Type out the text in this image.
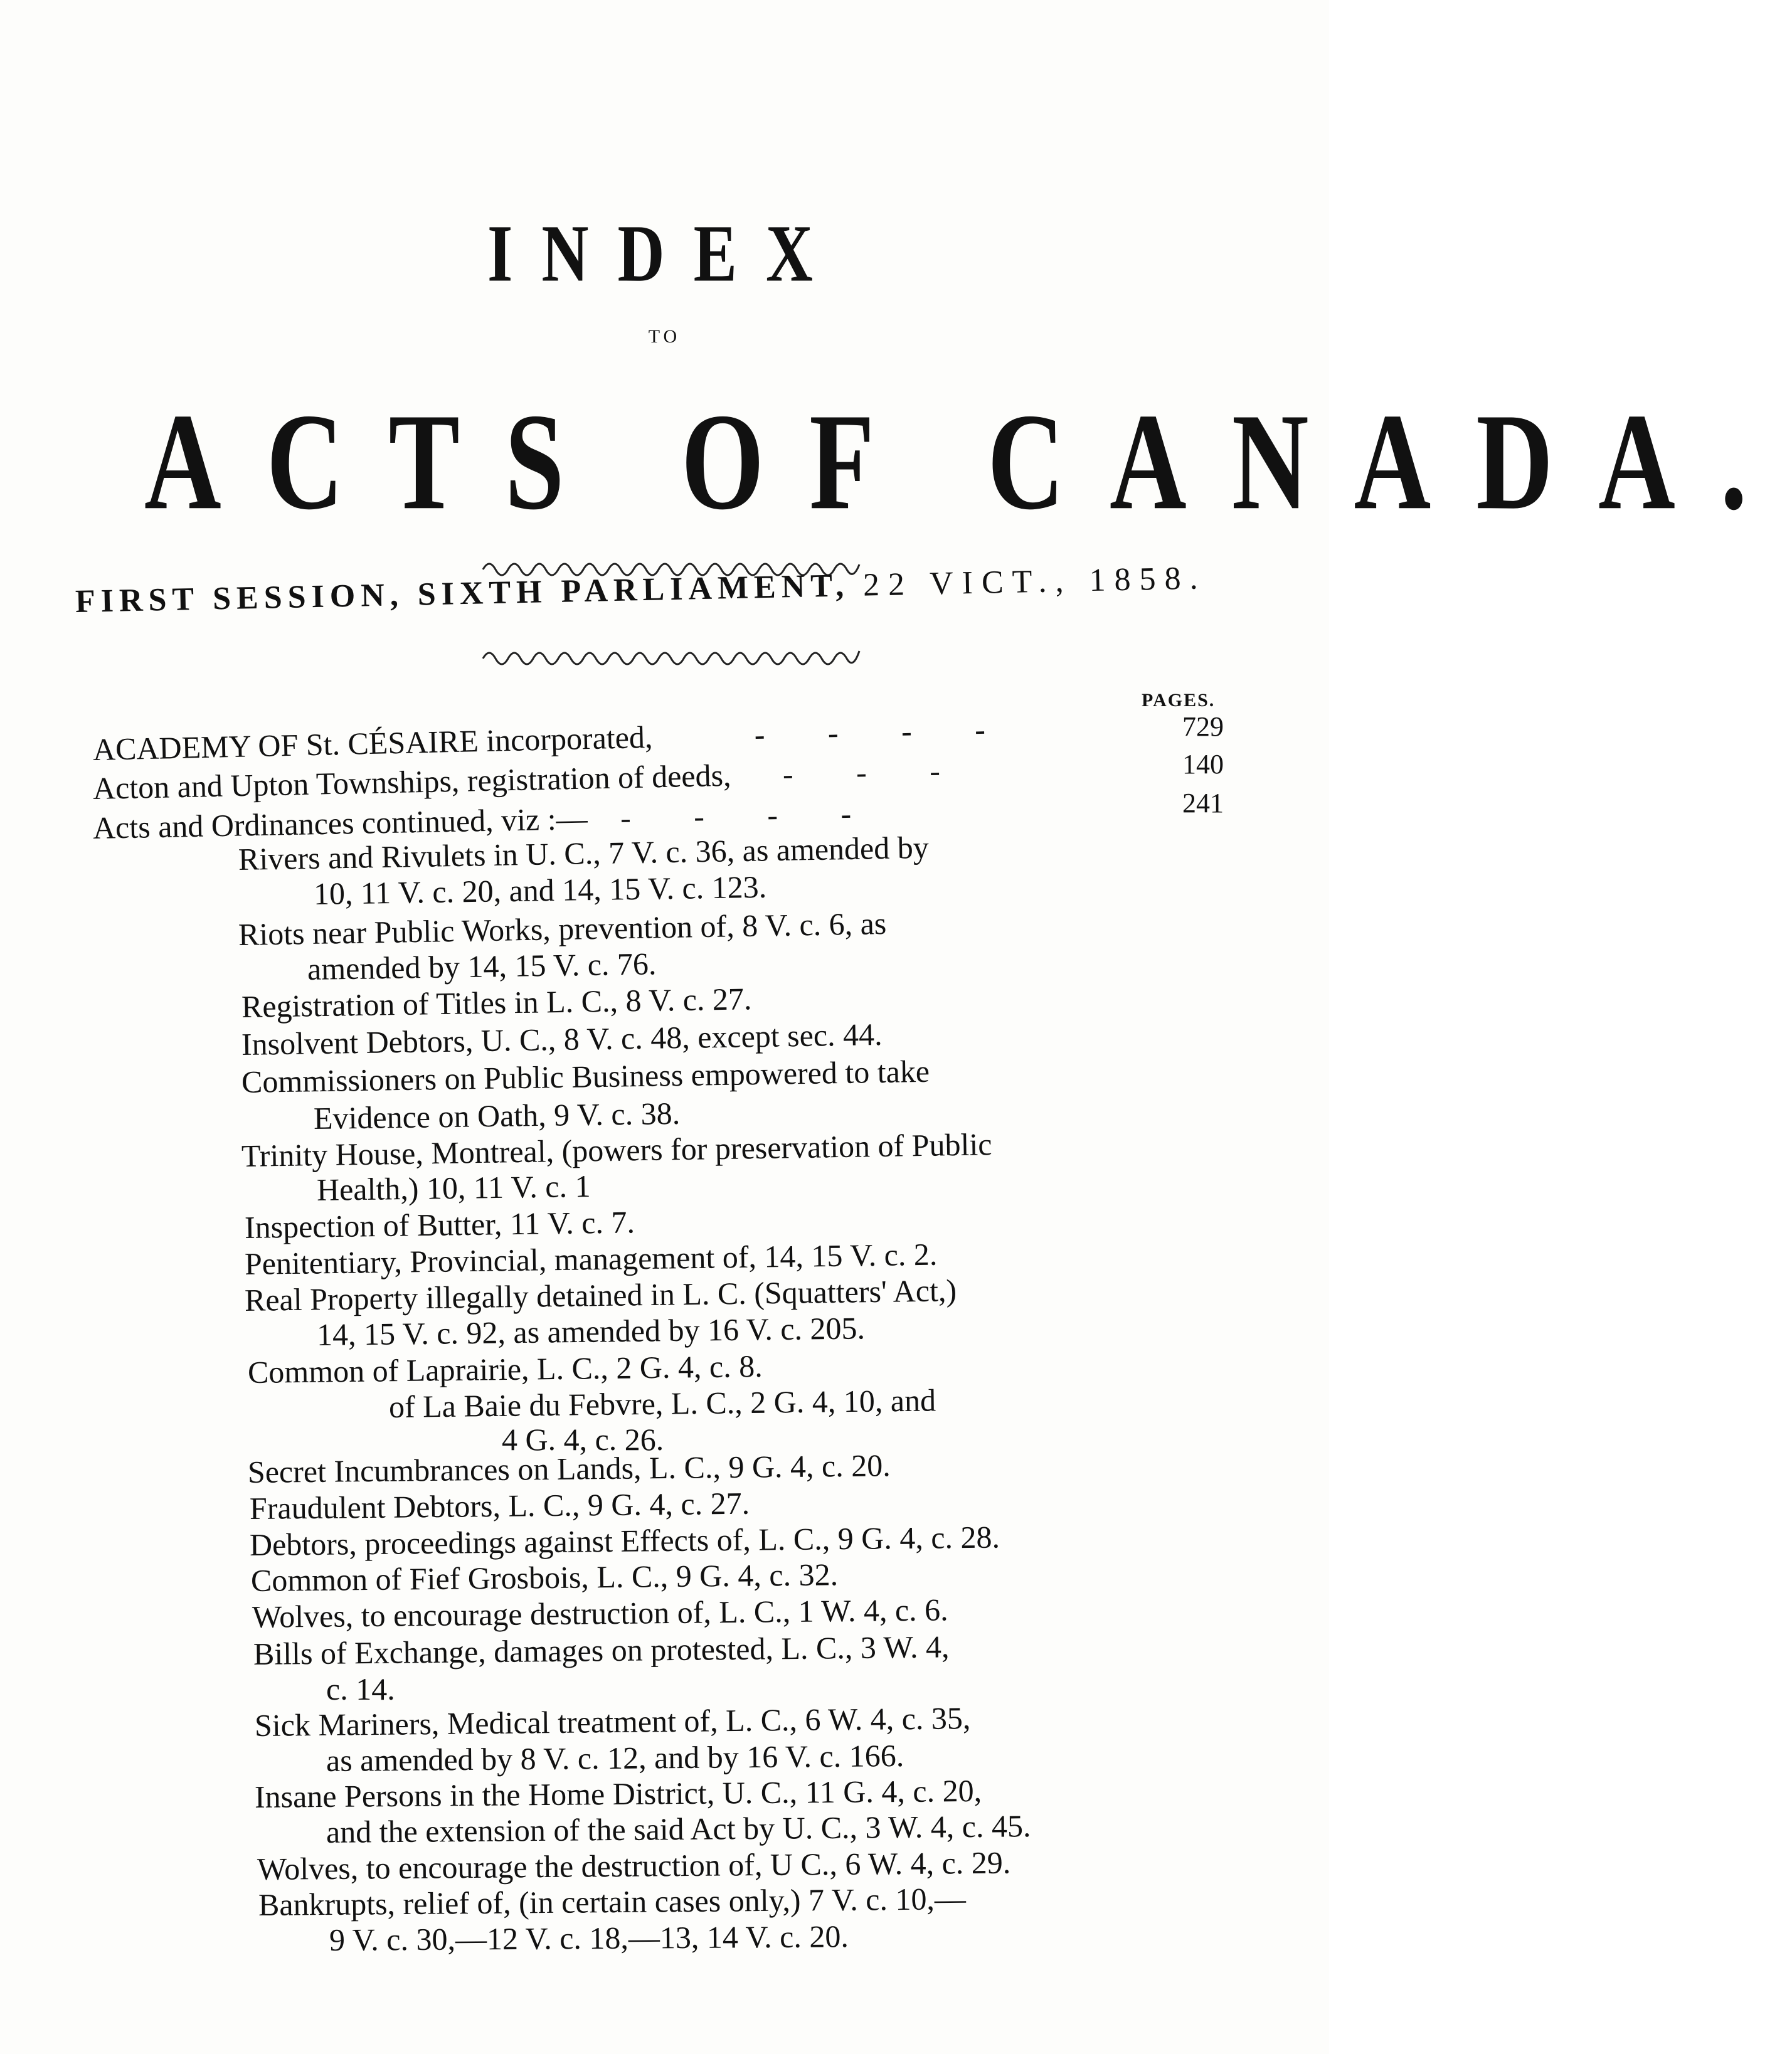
INDEX
TO
ACTS OF CANADA.
FIRST SESSION, SIXTH PARLIAMENT, 22 VICT., 1858.
PAGES.
ACADEMY OF St. CÉSAIRE incorporated,	- - - -	729
Acton and Upton Townships, registration of deeds, - - -	140
Acts and Ordinances continued, viz :— - - - -	241
Rivers and Rivulets in U. C., 7 V. c. 36, as amended by
10, 11 V. c. 20, and 14, 15 V. c. 123.
Riots near Public Works, prevention of, 8 V. c. 6, as
amended by 14, 15 V. c. 76.
Registration of Titles in L. C., 8 V. c. 27.
Insolvent Debtors, U. C., 8 V. c. 48, except sec. 44.
Commissioners on Public Business empowered to take
Evidence on Oath, 9 V. c. 38.
Trinity House, Montreal, (powers for preservation of Public
Health,) 10, 11 V. c. 1
Inspection of Butter, 11 V. c. 7.
Penitentiary, Provincial, management of, 14, 15 V. c. 2.
Real Property illegally detained in L. C. (Squatters' Act,)
14, 15 V. c. 92, as amended by 16 V. c. 205.
Common of Laprairie, L. C., 2 G. 4, c. 8.
of La Baie du Febvre, L. C., 2 G. 4, 10, and
4 G. 4, c. 26.
Secret Incumbrances on Lands, L. C., 9 G. 4, c. 20.
Fraudulent Debtors, L. C., 9 G. 4, c. 27.
Debtors, proceedings against Effects of, L. C., 9 G. 4, c. 28.
Common of Fief Grosbois, L. C., 9 G. 4, c. 32.
Wolves, to encourage destruction of, L. C., 1 W. 4, c. 6.
Bills of Exchange, damages on protested, L. C., 3 W. 4,
c. 14.
Sick Mariners, Medical treatment of, L. C., 6 W. 4, c. 35,
as amended by 8 V. c. 12, and by 16 V. c. 166.
Insane Persons in the Home District, U. C., 11 G. 4, c. 20,
and the extension of the said Act by U. C., 3 W. 4, c. 45.
Wolves, to encourage the destruction of, U C., 6 W. 4, c. 29.
Bankrupts, relief of, (in certain cases only,) 7 V. c. 10,—
9 V. c. 30,—12 V. c. 18,—13, 14 V. c. 20.
